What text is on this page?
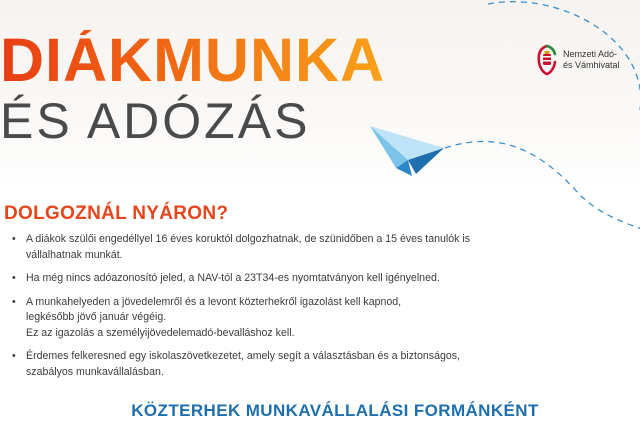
DIÁKMUNKA
ÉS ADÓZÁS
Nemzeti Adó-
és Vámhivatal
DOLGOZNÁL NYÁRON?
• A diákok szülői engedéllyel 16 éves koruktól dolgozhatnak, de szünidőben a 15 éves tanulók is
vállalhatnak munkát.
• Ha még nincs adóazonosító jeled, a NAV-tól a 23T34-es nyomtatványon kell igényelned.
• A munkahelyeden a jövedelemről és a levont közterhekről igazolást kell kapnod,
legkésőbb jövő január végéig.
Ez az igazolás a személyijövedelemadó-bevalláshoz kell.
• Érdemes felkeresned egy iskolaszövetkezetet, amely segít a választásban és a biztonságos,
szabályos munkavállalásban.
KÖZTERHEK MUNKAVÁLLALÁSI FORMÁNKÉNT
